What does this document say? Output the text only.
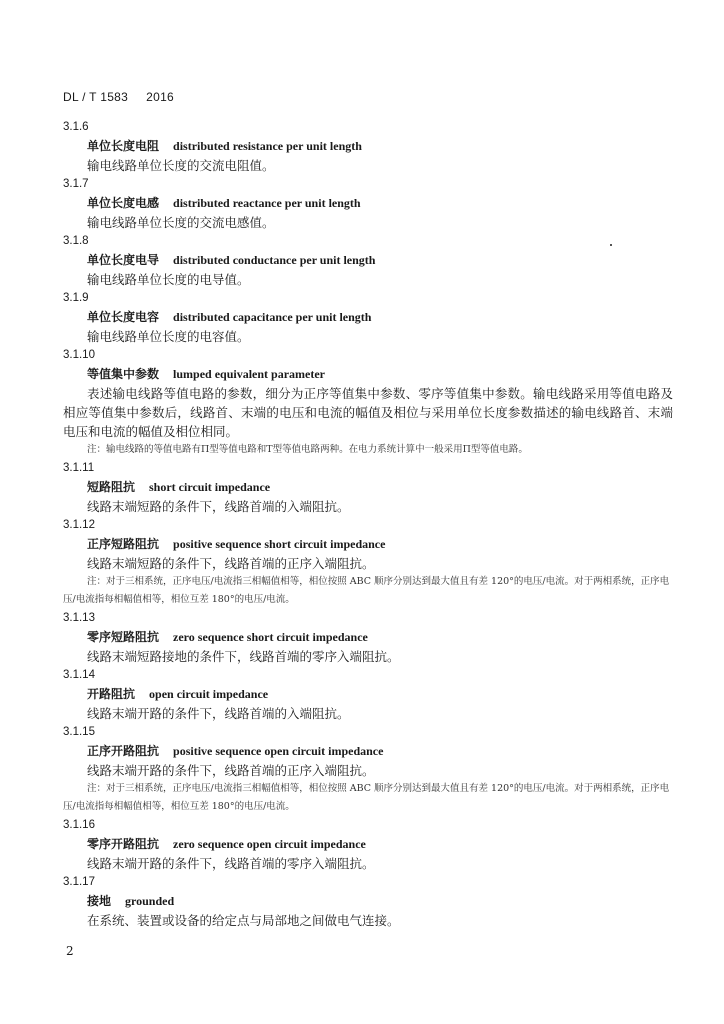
DL / T 1583 2016
3.1.6
单位长度电阻 distributed resistance per unit length
输电线路单位长度的交流电阻值。
3.1.7
单位长度电感 distributed reactance per unit length
输电线路单位长度的交流电感值。
3.1.8
单位长度电导 distributed conductance per unit length
输电线路单位长度的电导值。
3.1.9
单位长度电容 distributed capacitance per unit length
输电线路单位长度的电容值。
3.1.10
等值集中参数 lumped equivalent parameter
表述输电线路等值电路的参数，细分为正序等值集中参数、零序等值集中参数。输电线路采用等值电路及相应等值集中参数后，线路首、末端的电压和电流的幅值及相位与采用单位长度参数描述的输电线路首、末端电压和电流的幅值及相位相同。
注：输电线路的等值电路有Π型等值电路和T型等值电路两种。在电力系统计算中一般采用Π型等值电路。
3.1.11
短路阻抗 short circuit impedance
线路末端短路的条件下，线路首端的入端阻抗。
3.1.12
正序短路阻抗 positive sequence short circuit impedance
线路末端短路的条件下，线路首端的正序入端阻抗。
注：对于三相系统，正序电压/电流指三相幅值相等，相位按照 ABC 顺序分别达到最大值且有差 120°的电压/电流。对于两相系统，正序电压/电流指每相幅值相等，相位互差 180°的电压/电流。
3.1.13
零序短路阻抗 zero sequence short circuit impedance
线路末端短路接地的条件下，线路首端的零序入端阻抗。
3.1.14
开路阻抗 open circuit impedance
线路末端开路的条件下，线路首端的入端阻抗。
3.1.15
正序开路阻抗 positive sequence open circuit impedance
线路末端开路的条件下，线路首端的正序入端阻抗。
注：对于三相系统，正序电压/电流指三相幅值相等，相位按照 ABC 顺序分别达到最大值且有差 120°的电压/电流。对于两相系统，正序电压/电流指每相幅值相等，相位互差 180°的电压/电流。
3.1.16
零序开路阻抗 zero sequence open circuit impedance
线路末端开路的条件下，线路首端的零序入端阻抗。
3.1.17
接地 grounded
在系统、装置或设备的给定点与局部地之间做电气连接。
2
